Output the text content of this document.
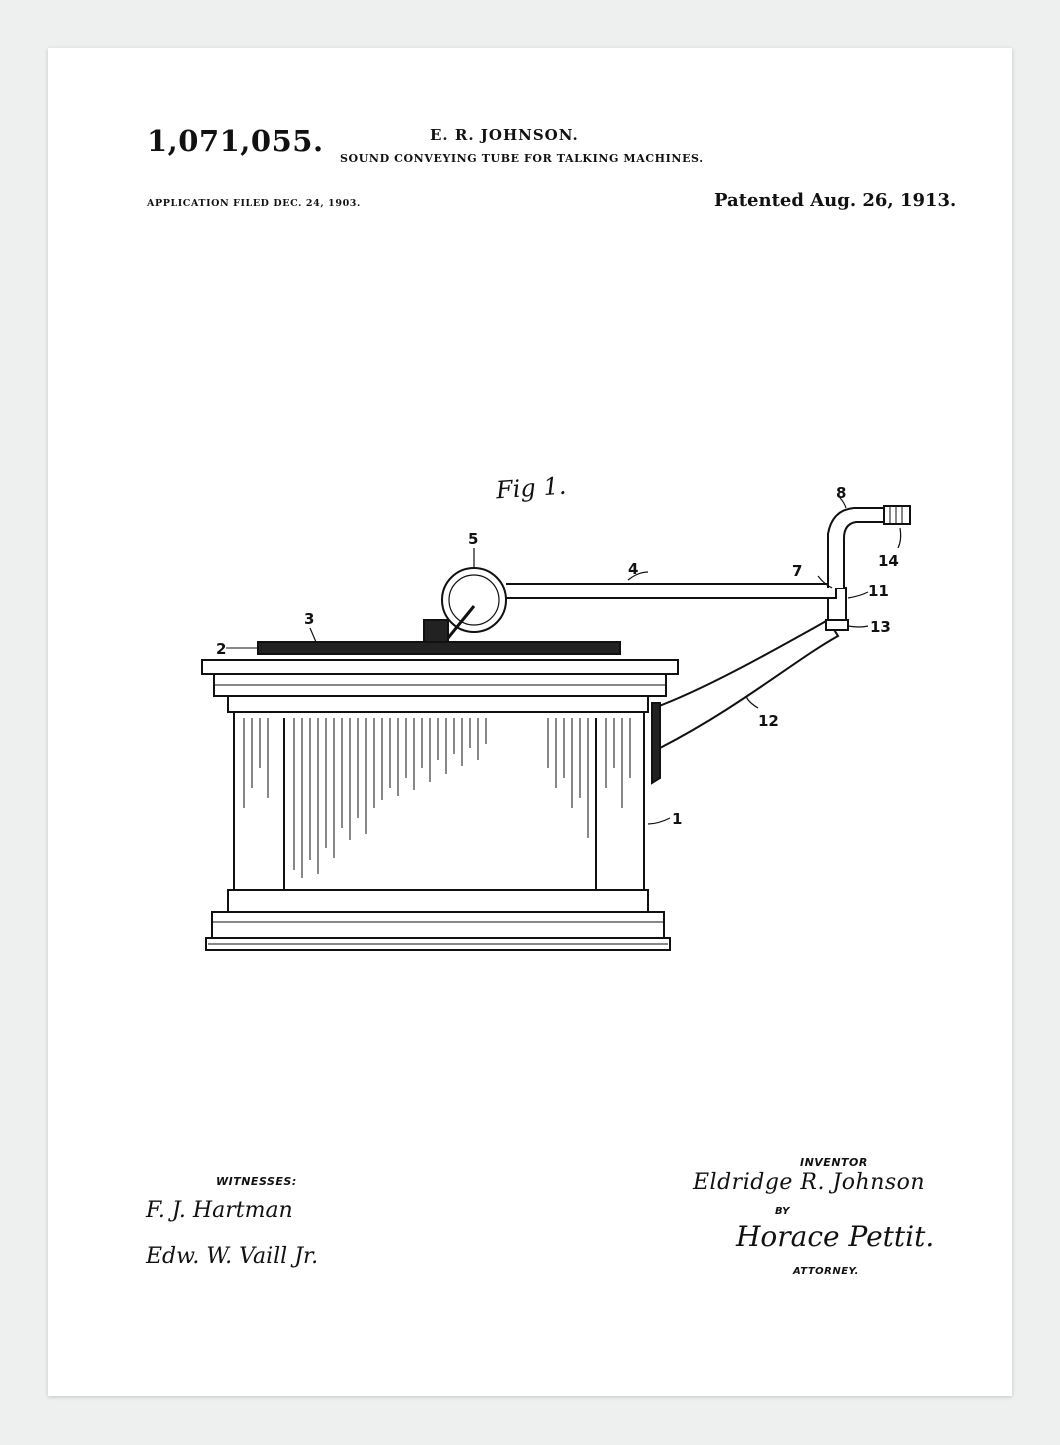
1,071,055.	E. R. JOHNSON.
SOUND CONVEYING TUBE FOR TALKING MACHINES.
APPLICATION FILED DEC. 24, 1903.	Patented Aug. 26, 1913.
Fig 1.
5
3
2
4	7
8
11
12
13
14
1
WITNESSES:
F. J. Hartman
Edw. W. Vaill Jr.
INVENTOR
Eldridge R. Johnson
BY
Horace Pettit.
ATTORNEY.
